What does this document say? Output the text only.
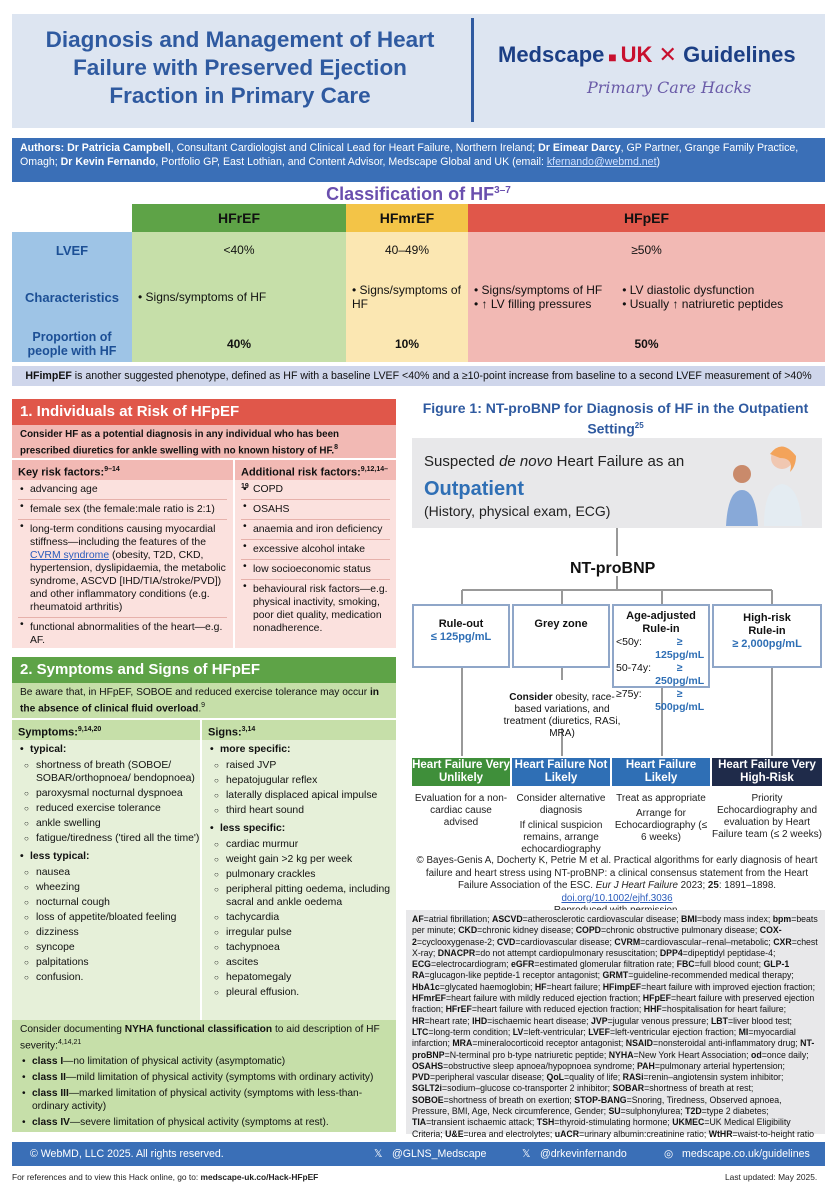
Diagnosis and Management of Heart Failure with Preserved Ejection Fraction in Primary Care
Medscape ■ UK ✕ Guidelines
Primary Care Hacks
Authors: Dr Patricia Campbell, Consultant Cardiologist and Clinical Lead for Heart Failure, Northern Ireland; Dr Eimear Darcy, GP Partner, Grange Family Practice, Omagh; Dr Kevin Fernando, Portfolio GP, East Lothian, and Content Advisor, Medscape Global and UK (email: kfernando@webmd.net)
Classification of HF$^{3-7}$
	HFrEF	HFmrEF	HFpEF
LVEF	<40%	40–49%	≥50%
Characteristics	• Signs/symptoms of HF	• Signs/symptoms of HF	• Signs/symptoms of HF
• ↑ LV filling pressures
• LV diastolic dysfunction
• Usually ↑ natriuretic peptides

Proportion of people with HF	40%	10%	50%
HFimpEF is another suggested phenotype, defined as HF with a baseline LVEF <40% and a ≥10-point increase from baseline to a second LVEF measurement of >40%
1. Individuals at Risk of HFpEF
Consider HF as a potential diagnosis in any individual who has been prescribed diuretics for ankle swelling with no known history of HF.$^8$
Key risk factors:$^{9-14}$
• advancing age
• female sex (the female:male ratio is 2:1)
• long-term conditions causing myocardial stiffness—including the features of the CVRM syndrome (obesity, T2D, CKD, hypertension, dyslipidaemia, the metabolic syndrome, ASCVD [IHD/TIA/stroke/PVD]) and other inflammatory conditions (e.g. rheumatoid arthritis)
• functional abnormalities of the heart—e.g. AF.
Additional risk factors:$^{9,12,14-19}$ • COPD
• OSAHS
• anaemia and iron deficiency
• excessive alcohol intake
• low socioeconomic status
• behavioural risk factors—e.g. physical inactivity, smoking, poor diet quality, medication nonadherence.
2. Symptoms and Signs of HFpEF
Be aware that, in HFpEF, SOBOE and reduced exercise tolerance may occur in the absence of clinical fluid overload.$^9$
Symptoms:$^{9,14,20}$
• typical:
○ shortness of breath (SOBOE/ SOBAR/orthopnoea/ bendopnoea)
○ paroxysmal nocturnal dyspnoea
○ reduced exercise tolerance
○ ankle swelling
○ fatigue/tiredness ('tired all the time')
• less typical:
○ nausea
○ wheezing
○ nocturnal cough
○ loss of appetite/bloated feeling
○ dizziness
○ syncope
○ palpitations
○ confusion.
Signs:$^{3,14}$
• more specific:
○ raised JVP
○ hepatojugular reflex
○ laterally displaced apical impulse
○ third heart sound
• less specific:
○ cardiac murmur
○ weight gain >2 kg per week
○ pulmonary crackles
○ peripheral pitting oedema, including sacral and ankle oedema
○ tachycardia
○ irregular pulse
○ tachypnoea
○ ascites
○ hepatomegaly
○ pleural effusion.
Consider documenting NYHA functional classification to aid description of HF severity:$^{4,14,21}$
• class I—no limitation of physical activity (asymptomatic)
• class II—mild limitation of physical activity (symptoms with ordinary activity)
• class III—marked limitation of physical activity (symptoms with less-than-ordinary activity)
• class IV—severe limitation of physical activity (symptoms at rest).
Figure 1: NT-proBNP for Diagnosis of HF in the Outpatient Setting$^{25}$
Suspected de novo Heart Failure as an
Outpatient
(History, physical exam, ECG)
NT-proBNP
Rule-out
≤ 125pg/mL
Grey zone
Age-adjusted
Rule-in
<50y:	≥ 125pg/mL
50-74y:	≥ 250pg/mL
≥75y:	≥ 500pg/mL
High-risk
Rule-in
≥ 2,000pg/mL
Consider obesity, race-based variations, and treatment (diuretics, RASi, MRA)
Heart Failure Very Unlikely
Heart Failure Not Likely
Heart Failure Likely
Heart Failure Very High-Risk
Evaluation for a non-cardiac cause advised
Consider alternative diagnosis
If clinical suspicion remains, arrange echocardiography
Treat as appropriate
Arrange for Echocardiography (≤ 6 weeks)
Priority Echocardiography and evaluation by Heart Failure team (≤ 2 weeks)
© Bayes-Genis A, Docherty K, Petrie M et al. Practical algorithms for early diagnosis of heart failure and heart stress using NT-proBNP: a clinical consensus statement from the Heart Failure Association of the ESC. Eur J Heart Failure 2023; 25: 1891–1898. doi.org/10.1002/ejhf.3036

AF=atrial fibrillation; ASCVD=atherosclerotic cardiovascular disease; BMI=body mass index; bpm=beats per minute; CKD=chronic kidney disease; COPD=chronic obstructive pulmonary disease; COX-2=cyclooxygenase-2; CVD=cardiovascular disease; CVRM=cardiovascular–renal–metabolic; CXR=chest X-ray; DNACPR=do not attempt cardiopulmonary resuscitation; DPP4=dipeptidyl peptidase-4; ECG=electrocardiogram; eGFR=estimated glomerular filtration rate; FBC=full blood count; GLP-1 RA=glucagon-like peptide-1 receptor antagonist; GRMT=guideline-recommended medical therapy; HbA1c=glycated haemoglobin; HF=heart failure; HFimpEF=heart failure with improved ejection fraction; HFmrEF=heart failure with mildly reduced ejection fraction; HFpEF=heart failure with preserved ejection fraction; HFrEF=heart failure with reduced ejection fraction; HHF=hospitalisation for heart failure; HR=heart rate; IHD=ischaemic heart disease; JVP=jugular venous pressure; LBT=liver blood test; LTC=long-term condition; LV=left-ventricular; LVEF=left-ventricular ejection fraction; MI=myocardial infarction; MRA=mineralocorticoid receptor antagonist; NSAID=nonsteroidal anti-inflammatory drug; NT-proBNP=N-terminal pro b-type natriuretic peptide; NYHA=New York Heart Association; od=once daily; OSAHS=obstructive sleep apnoea/hypopnoea syndrome; PAH=pulmonary arterial hypertension; PVD=peripheral vascular disease; QoL=quality of life; RASi=renin–angiotensin system inhibitor; SGLT2i=sodium–glucose co-transporter 2 inhibitor; SOBAR=shortness of breath at rest; SOBOE=shortness of breath on exertion; STOP-BANG=Snoring, Tiredness, Observed apnoea, Pressure, BMI, Age, Neck circumference, Gender; SU=sulphonylurea; T2D=type 2 diabetes; TIA=transient ischaemic attack; TSH=thyroid-stimulating hormone; UKMEC=UK Medical Eligibility Criteria; U&E=urea and electrolytes; uACR=urinary albumin:creatinine ratio; WtHR=waist-to-height ratio
© WebMD, LLC 2025. All rights reserved.	𝕏 @GLNS_Medscape	𝕏 @drkevinfernando	◎ medscape.co.uk/guidelines
For references and to view this Hack online, go to: medscape-uk.co/Hack-HFpEF	Last updated: May 2025.
